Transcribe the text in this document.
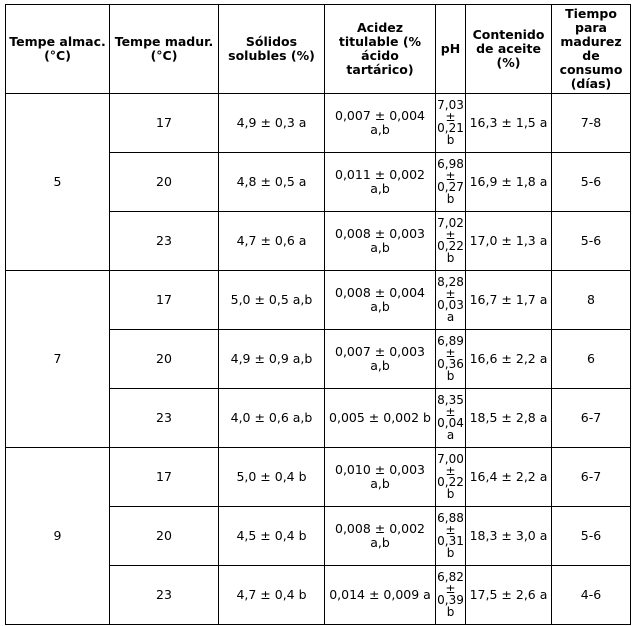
Tempe almac. (°C)	Tempe madur. (°C)	Sólidos solubles (%)	Acidez titulable (% ácido tartárico)	pH	Contenido de aceite (%)	Tiempo para madurez de consumo (días)
5	17	4,9 ± 0,3 a	0,007 ± 0,004 a,b	7,03 ± 0,21 b	16,3 ± 1,5 a	7-8
	20	4,8 ± 0,5 a	0,011 ± 0,002 a,b	6,98 ± 0,27 b	16,9 ± 1,8 a	5-6
	23	4,7 ± 0,6 a	0,008 ± 0,003 a,b	7,02 ± 0,22 b	17,0 ± 1,3 a	5-6
7	17	5,0 ± 0,5 a,b	0,008 ± 0,004 a,b	8,28 ± 0,03 a	16,7 ± 1,7 a	8
	20	4,9 ± 0,9 a,b	0,007 ± 0,003 a,b	6,89 ± 0,36 b	16,6 ± 2,2 a	6
	23	4,0 ± 0,6 a,b	0,005 ± 0,002 b	8,35 ± 0,04 a	18,5 ± 2,8 a	6-7
9	17	5,0 ± 0,4 b	0,010 ± 0,003 a,b	7,00 ± 0,22 b	16,4 ± 2,2 a	6-7
	20	4,5 ± 0,4 b	0,008 ± 0,002 a,b	6,88 ± 0,31 b	18,3 ± 3,0 a	5-6
	23	4,7 ± 0,4 b	0,014 ± 0,009 a	6,82 ± 0,39 b	17,5 ± 2,6 a	4-6
